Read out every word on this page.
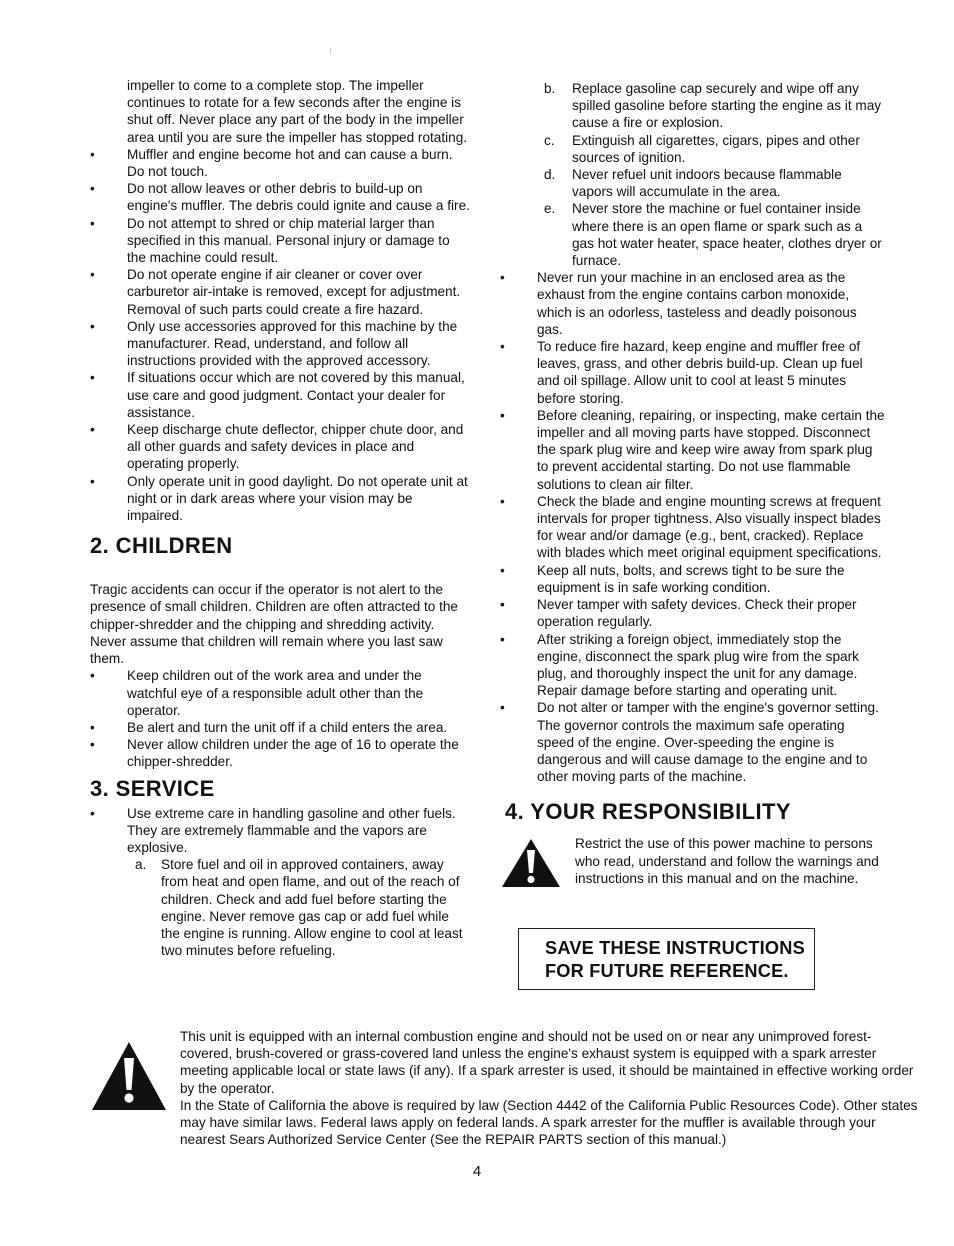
impeller to come to a complete stop. The impeller continues to rotate for a few seconds after the engine is shut off. Never place any part of the body in the impeller area until you are sure the impeller has stopped rotating.

• Muffler and engine become hot and can cause a burn. Do not touch.

• Do not allow leaves or other debris to build-up on engine's muffler. The debris could ignite and cause a fire.

• Do not attempt to shred or chip material larger than specified in this manual. Personal injury or damage to the machine could result.

• Do not operate engine if air cleaner or cover over carburetor air-intake is removed, except for adjustment. Removal of such parts could create a fire hazard.

• Only use accessories approved for this machine by the manufacturer. Read, understand, and follow all instructions provided with the approved accessory.

• If situations occur which are not covered by this manual, use care and good judgment. Contact your dealer for assistance.

• Keep discharge chute deflector, chipper chute door, and all other guards and safety devices in place and operating properly.

• Only operate unit in good daylight. Do not operate unit at night or in dark areas where your vision may be impaired.

2. CHILDREN

Tragic accidents can occur if the operator is not alert to the presence of small children. Children are often attracted to the chipper-shredder and the chipping and shredding activity. Never assume that children will remain where you last saw them.

• Keep children out of the work area and under the watchful eye of a responsible adult other than the operator.

• Be alert and turn the unit off if a child enters the area.

• Never allow children under the age of 16 to operate the chipper-shredder.

3. SERVICE

• Use extreme care in handling gasoline and other fuels. They are extremely flammable and the vapors are explosive.

a. Store fuel and oil in approved containers, away from heat and open flame, and out of the reach of children. Check and add fuel before starting the engine. Never remove gas cap or add fuel while the engine is running. Allow engine to cool at least two minutes before refueling.

b. Replace gasoline cap securely and wipe off any spilled gasoline before starting the engine as it may cause a fire or explosion.

c. Extinguish all cigarettes, cigars, pipes and other sources of ignition.

d. Never refuel unit indoors because flammable vapors will accumulate in the area.

e. Never store the machine or fuel container inside where there is an open flame or spark such as a gas hot water heater, space heater, clothes dryer or furnace.

• Never run your machine in an enclosed area as the exhaust from the engine contains carbon monoxide, which is an odorless, tasteless and deadly poisonous gas.

• To reduce fire hazard, keep engine and muffler free of leaves, grass, and other debris build-up. Clean up fuel and oil spillage. Allow unit to cool at least 5 minutes before storing.

• Before cleaning, repairing, or inspecting, make certain the impeller and all moving parts have stopped. Disconnect the spark plug wire and keep wire away from spark plug to prevent accidental starting. Do not use flammable solutions to clean air filter.

• Check the blade and engine mounting screws at frequent intervals for proper tightness. Also visually inspect blades for wear and/or damage (e.g., bent, cracked). Replace with blades which meet original equipment specifications.

• Keep all nuts, bolts, and screws tight to be sure the equipment is in safe working condition.

• Never tamper with safety devices. Check their proper operation regularly.

• After striking a foreign object, immediately stop the engine, disconnect the spark plug wire from the spark plug, and thoroughly inspect the unit for any damage. Repair damage before starting and operating unit.

• Do not alter or tamper with the engine's governor setting. The governor controls the maximum safe operating speed of the engine. Over-speeding the engine is dangerous and will cause damage to the engine and to other moving parts of the machine.

4. YOUR RESPONSIBILITY

Restrict the use of this power machine to persons who read, understand and follow the warnings and instructions in this manual and on the machine.

SAVE THESE INSTRUCTIONS
FOR FUTURE REFERENCE.

This unit is equipped with an internal combustion engine and should not be used on or near any unimproved forest-covered, brush-covered or grass-covered land unless the engine's exhaust system is equipped with a spark arrester meeting applicable local or state laws (if any). If a spark arrester is used, it should be maintained in effective working order by the operator.

In the State of California the above is required by law (Section 4442 of the California Public Resources Code). Other states may have similar laws. Federal laws apply on federal lands. A spark arrester for the muffler is available through your nearest Sears Authorized Service Center (See the REPAIR PARTS section of this manual.)

4
